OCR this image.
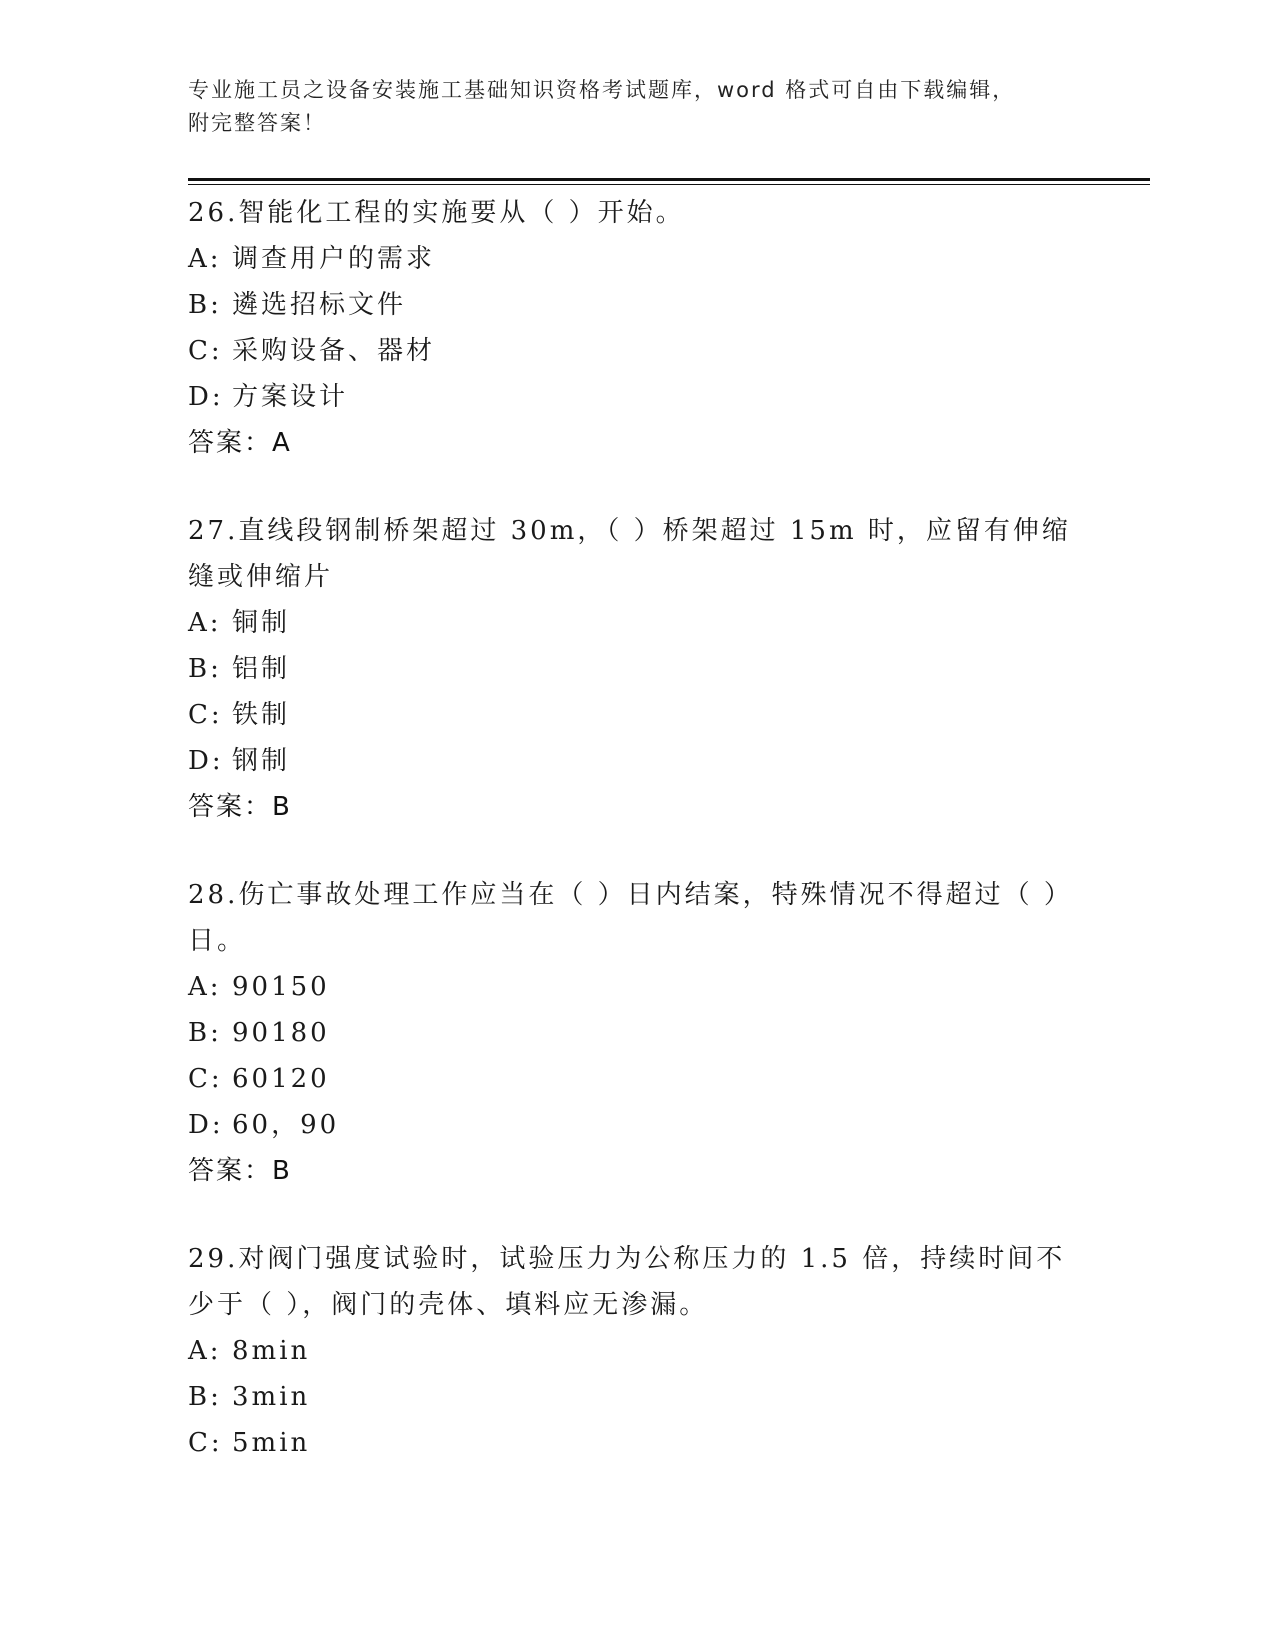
专业施工员之设备安装施工基础知识资格考试题库，word 格式可自由下载编辑，
附完整答案！
26.智能化工程的实施要从（ ）开始。
A: 调查用户的需求
B: 遴选招标文件
C: 采购设备、器材
D: 方案设计
答案：A
27.直线段钢制桥架超过 30m，（ ）桥架超过 15m 时，应留有伸缩缝或伸缩片
A: 铜制
B: 铝制
C: 铁制
D: 钢制
答案：B
28.伤亡事故处理工作应当在（ ）日内结案，特殊情况不得超过（ ）日。
A: 90150
B: 90180
C: 60120
D: 60，90
答案：B
29.对阀门强度试验时，试验压力为公称压力的 1.5 倍，持续时间不少于（ ），阀门的壳体、填料应无渗漏。
A: 8min
B: 3min
C: 5min
